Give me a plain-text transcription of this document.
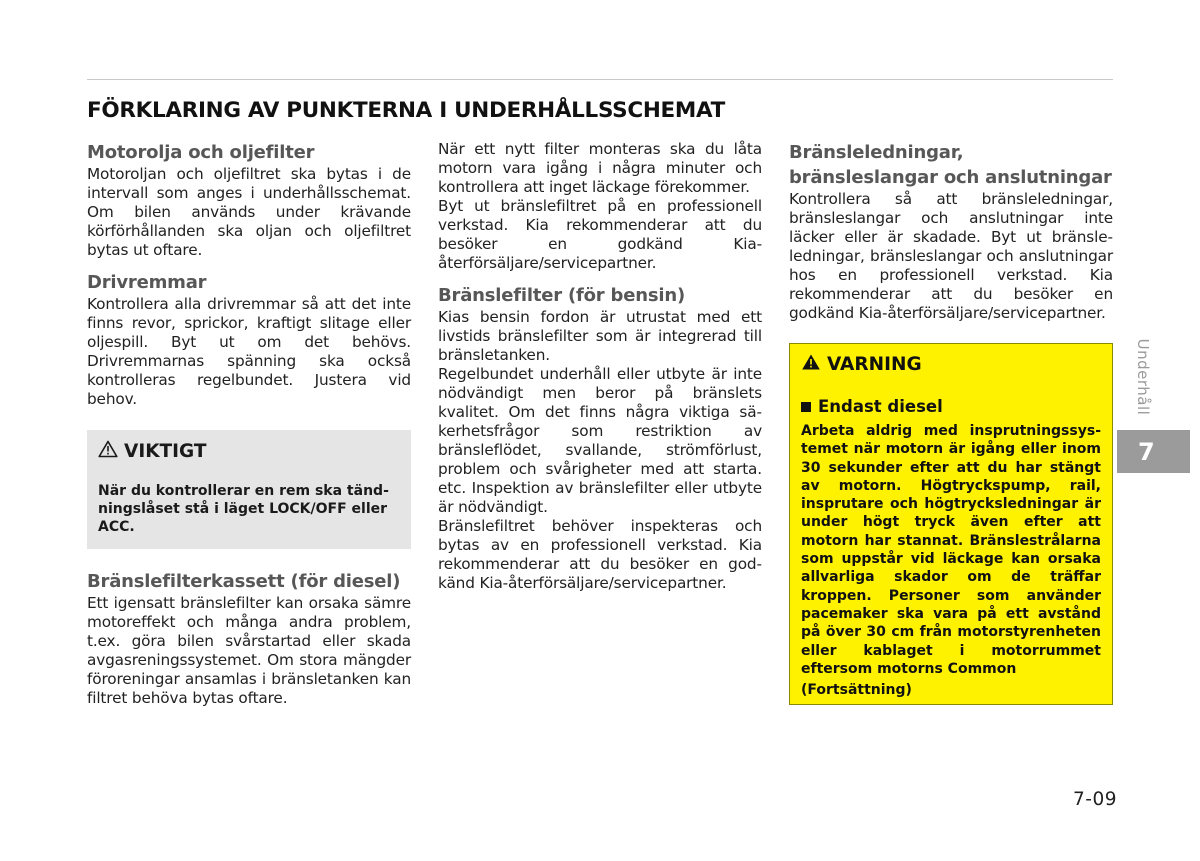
FÖRKLARING AV PUNKTERNA I UNDERHÅLLSSCHEMAT
Motorolja och oljefilter

Motoroljan och oljefiltret ska bytas i de intervall som anges i underhållsschemat. Om bilen används under krävande körförhållanden ska oljan och oljefiltret bytas ut oftare.

Drivremmar

Kontrollera alla drivremmar så att det inte finns revor, sprickor, kraftigt slitage eller oljespill. Byt ut om det behövs. Drivremmarnas spänning ska också kontrolleras regelbundet. Justera vid behov.

VIKTIGT
När du kontrollerar en rem ska tändningslåset stå i läget LOCK/OFF eller ACC.
Bränslefilterkassett (för diesel)

Ett igensatt bränslefilter kan orsaka sämre motoreffekt och många andra problem, t.ex. göra bilen svårstartad eller skada avgasreningssystemet. Om stora mängder föroreningar ansamlas i bränsletanken kan filtret behöva bytas oftare.

När ett nytt filter monteras ska du låta motorn vara igång i några minuter och kontrollera att inget läckage förekommer.

Byt ut bränslefiltret på en professionell verkstad. Kia rekommenderar att du besöker en godkänd Kia-återförsäljare/servicepartner.

Bränslefilter (för bensin)

Kias bensin fordon är utrustat med ett livstids bränslefilter som är integrerad till bränsletanken.

Regelbundet underhåll eller utbyte är inte nödvändigt men beror på bränslets kvalitet. Om det finns några viktiga säkerhetsfrågor som restriktion av bränsleflödet, svallande, strömförlust, problem och svårigheter med att starta. etc. Inspektion av bränslefilter eller utbyte är nödvändigt.

Bränslefiltret behöver inspekteras och bytas av en professionell verkstad. Kia rekommenderar att du besöker en godkänd Kia-återförsäljare/servicepartner.

Bränsleledningar, bränsleslangar och anslutningar

Kontrollera så att bränsleledningar, bränsleslangar och anslutningar inte läcker eller är skadade. Byt ut bränsleledningar, bränsleslangar och anslutningar hos en professionell verkstad. Kia rekommenderar att du besöker en godkänd Kia-återförsäljare/servicepartner.

VARNING
Endast diesel
Arbeta aldrig med insprutningssystemet när motorn är igång eller inom 30 sekunder efter att du har stängt av motorn. Högtryckspump, rail, insprutare och högtrycksledningar är under högt tryck även efter att motorn har stannat. Bränslestrålarna som uppstår vid läckage kan orsaka allvarliga skador om de träffar kroppen. Personer som använder pacemaker ska vara på ett avstånd på över 30 cm från motorstyrenheten eller kablaget i motorrummet eftersom motorns Common
(Fortsättning)
Underhåll
7
7-09
